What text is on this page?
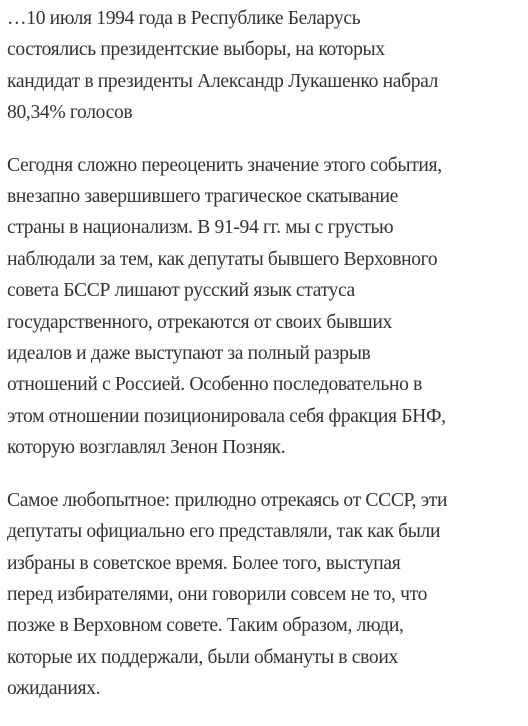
…10 июля 1994 года в Республике Беларусь
состоялись президентские выборы, на которых
кандидат в президенты Александр Лукашенко набрал
80,34% голосов

Сегодня сложно переоценить значение этого события,
внезапно завершившего трагическое скатывание
страны в национализм. В 91-94 гг. мы с грустью
наблюдали за тем, как депутаты бывшего Верховного
совета БССР лишают русский язык статуса
государственного, отрекаются от своих бывших
идеалов и даже выступают за полный разрыв
отношений с Россией. Особенно последовательно в
этом отношении позиционировала себя фракция БНФ,
которую возглавлял Зенон Позняк.

Самое любопытное: прилюдно отрекаясь от СССР, эти
депутаты официально его представляли, так как были
избраны в советское время. Более того, выступая
перед избирателями, они говорили совсем не то, что
позже в Верховном совете. Таким образом, люди,
которые их поддержали, были обмануты в своих
ожиданиях.
